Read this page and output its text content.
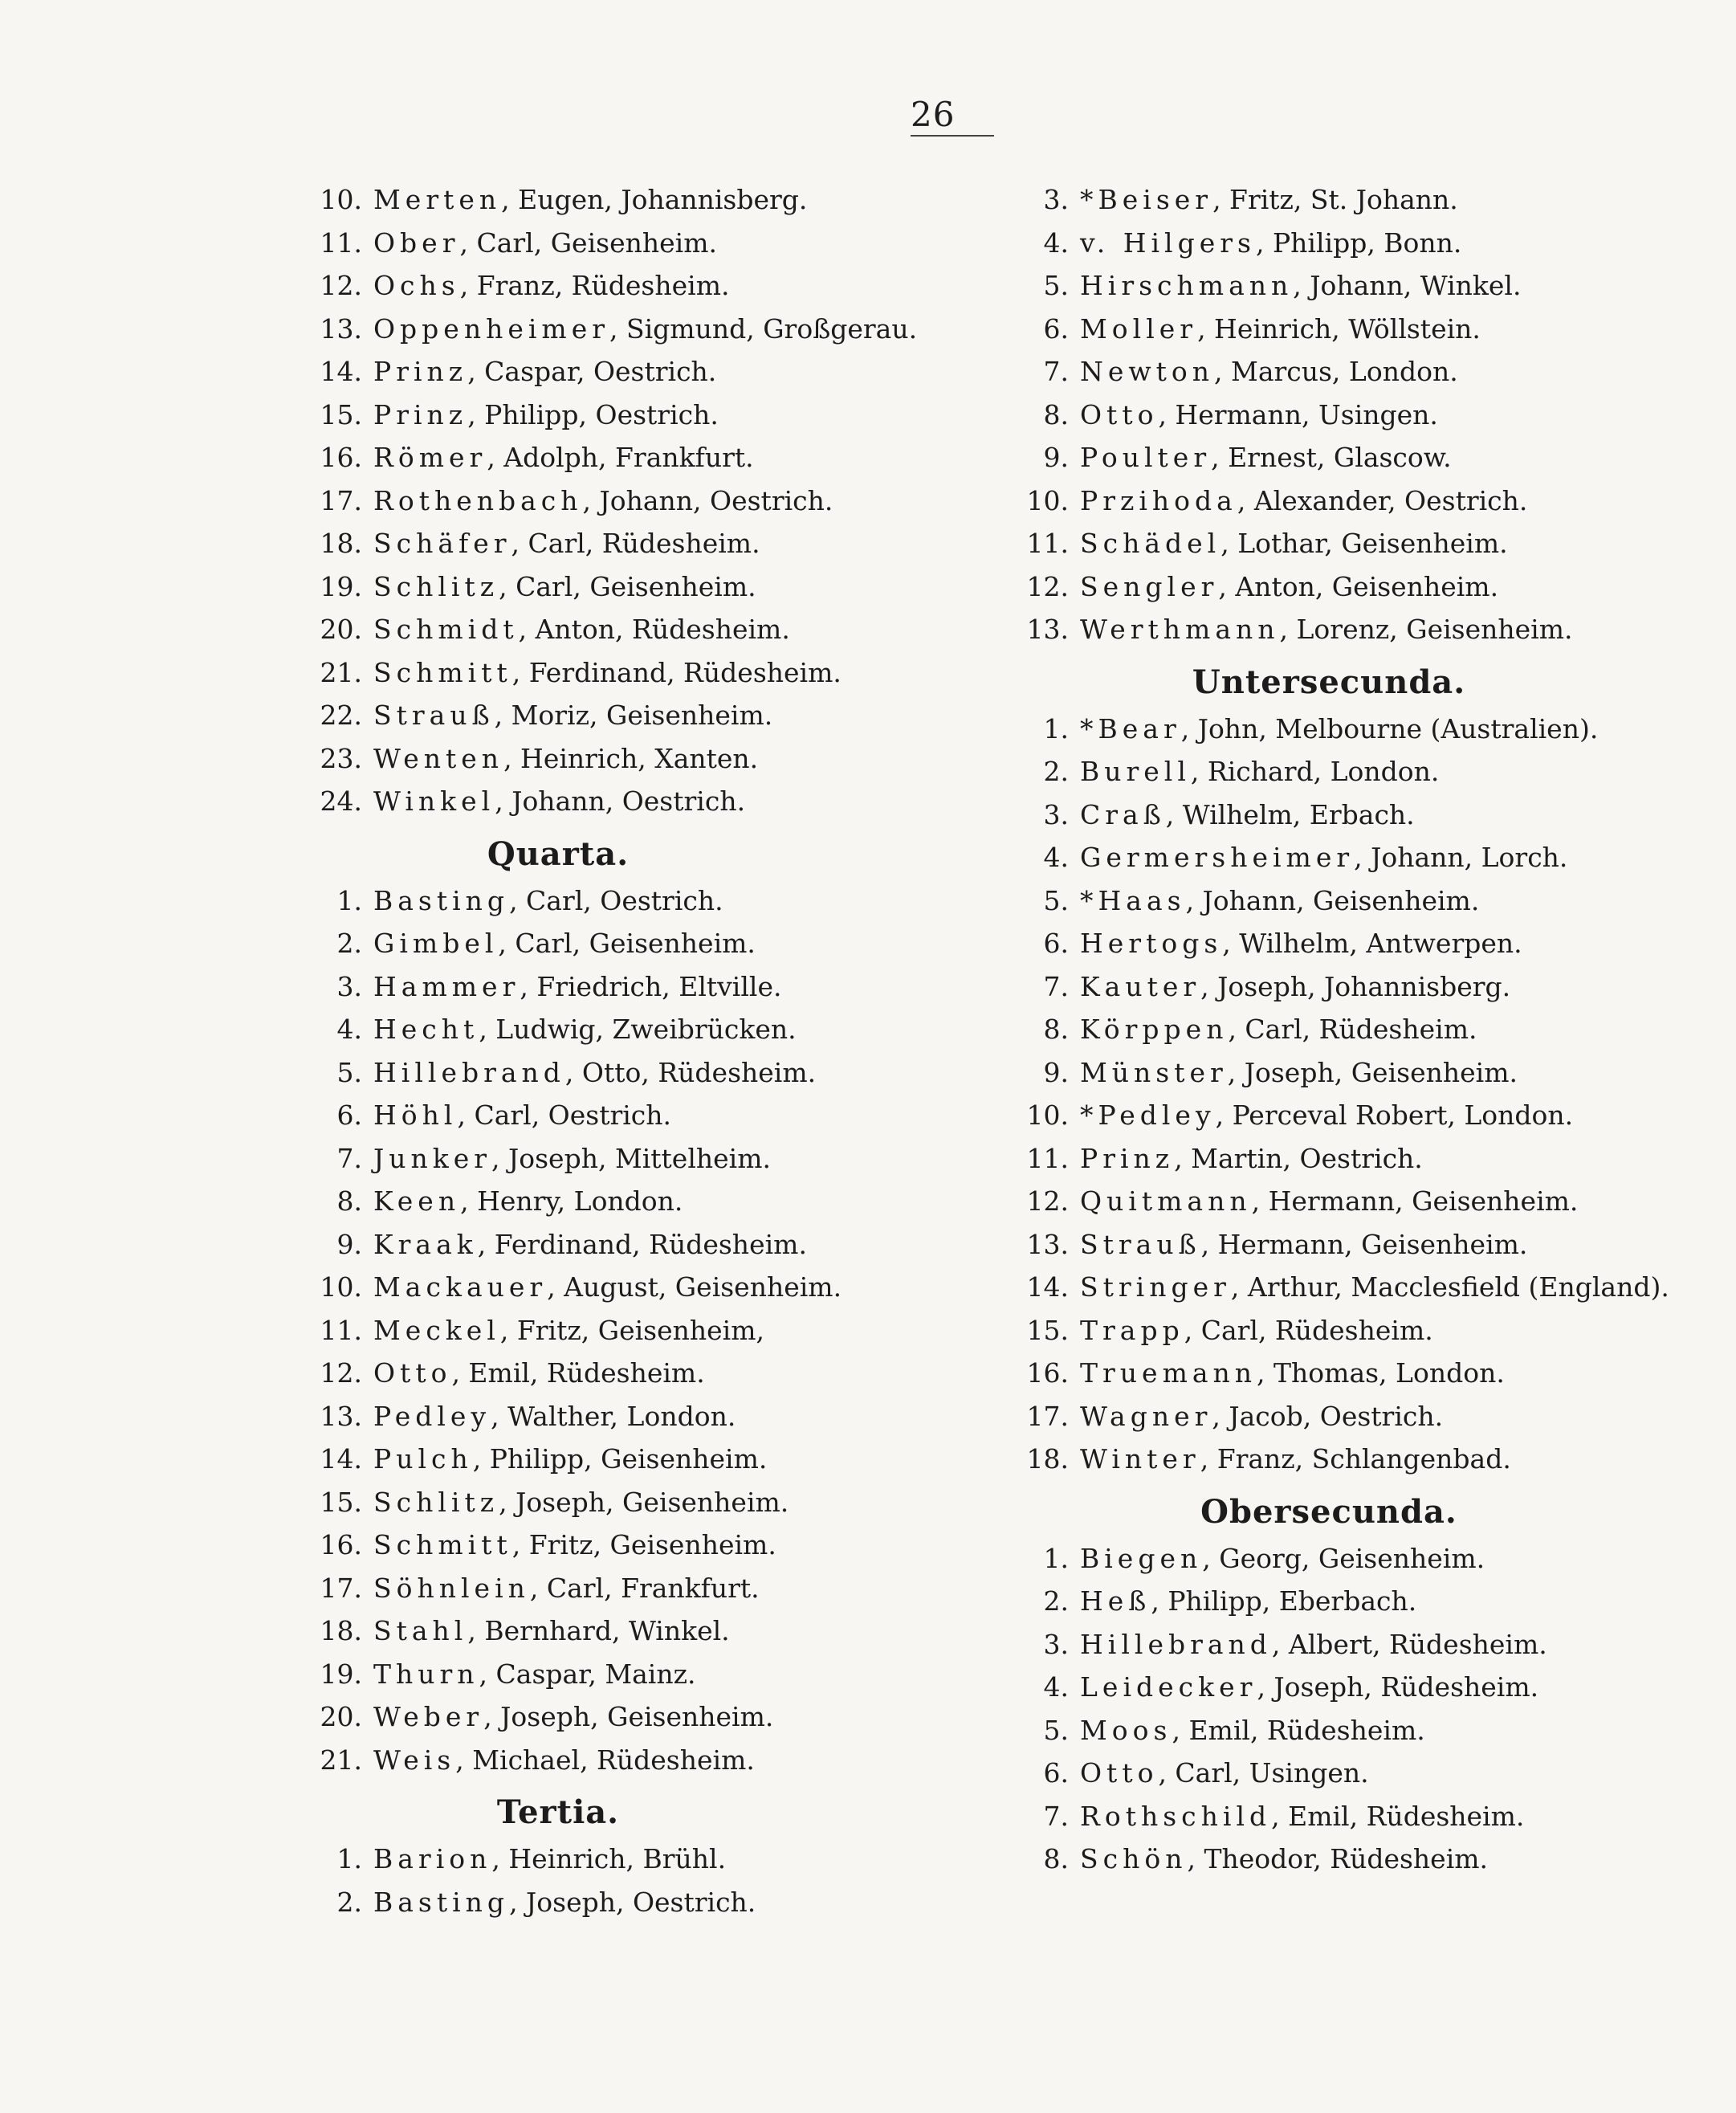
26
10. Merten, Eugen, Johannisberg.
11. Ober, Carl, Geisenheim.
12. Ochs, Franz, Rüdesheim.
13. Oppenheimer, Sigmund, Großgerau.
14. Prinz, Caspar, Oestrich.
15. Prinz, Philipp, Oestrich.
16. Römer, Adolph, Frankfurt.
17. Rothenbach, Johann, Oestrich.
18. Schäfer, Carl, Rüdesheim.
19. Schlitz, Carl, Geisenheim.
20. Schmidt, Anton, Rüdesheim.
21. Schmitt, Ferdinand, Rüdesheim.
22. Strauß, Moriz, Geisenheim.
23. Wenten, Heinrich, Xanten.
24. Winkel, Johann, Oestrich.
Quarta.
1. Basting, Carl, Oestrich.
2. Gimbel, Carl, Geisenheim.
3. Hammer, Friedrich, Eltville.
4. Hecht, Ludwig, Zweibrücken.
5. Hillebrand, Otto, Rüdesheim.
6. Höhl, Carl, Oestrich.
7. Junker, Joseph, Mittelheim.
8. Keen, Henry, London.
9. Kraak, Ferdinand, Rüdesheim.
10. Mackauer, August, Geisenheim.
11. Meckel, Fritz, Geisenheim,
12. Otto, Emil, Rüdesheim.
13. Pedley, Walther, London.
14. Pulch, Philipp, Geisenheim.
15. Schlitz, Joseph, Geisenheim.
16. Schmitt, Fritz, Geisenheim.
17. Söhnlein, Carl, Frankfurt.
18. Stahl, Bernhard, Winkel.
19. Thurn, Caspar, Mainz.
20. Weber, Joseph, Geisenheim.
21. Weis, Michael, Rüdesheim.
Tertia.
1. Barion, Heinrich, Brühl.
2. Basting, Joseph, Oestrich.
3. *Beiser, Fritz, St. Johann.
4. v. Hilgers, Philipp, Bonn.
5. Hirschmann, Johann, Winkel.
6. Moller, Heinrich, Wöllstein.
7. Newton, Marcus, London.
8. Otto, Hermann, Usingen.
9. Poulter, Ernest, Glascow.
10. Przihoda, Alexander, Oestrich.
11. Schädel, Lothar, Geisenheim.
12. Sengler, Anton, Geisenheim.
13. Werthmann, Lorenz, Geisenheim.
Untersecunda.
1. *Bear, John, Melbourne (Australien).
2. Burell, Richard, London.
3. Craß, Wilhelm, Erbach.
4. Germersheimer, Johann, Lorch.
5. *Haas, Johann, Geisenheim.
6. Hertogs, Wilhelm, Antwerpen.
7. Kauter, Joseph, Johannisberg.
8. Körppen, Carl, Rüdesheim.
9. Münster, Joseph, Geisenheim.
10. *Pedley, Perceval Robert, London.
11. Prinz, Martin, Oestrich.
12. Quitmann, Hermann, Geisenheim.
13. Strauß, Hermann, Geisenheim.
14. Stringer, Arthur, Macclesfield (England).
15. Trapp, Carl, Rüdesheim.
16. Truemann, Thomas, London.
17. Wagner, Jacob, Oestrich.
18. Winter, Franz, Schlangenbad.
Obersecunda.
1. Biegen, Georg, Geisenheim.
2. Heß, Philipp, Eberbach.
3. Hillebrand, Albert, Rüdesheim.
4. Leidecker, Joseph, Rüdesheim.
5. Moos, Emil, Rüdesheim.
6. Otto, Carl, Usingen.
7. Rothschild, Emil, Rüdesheim.
8. Schön, Theodor, Rüdesheim.
